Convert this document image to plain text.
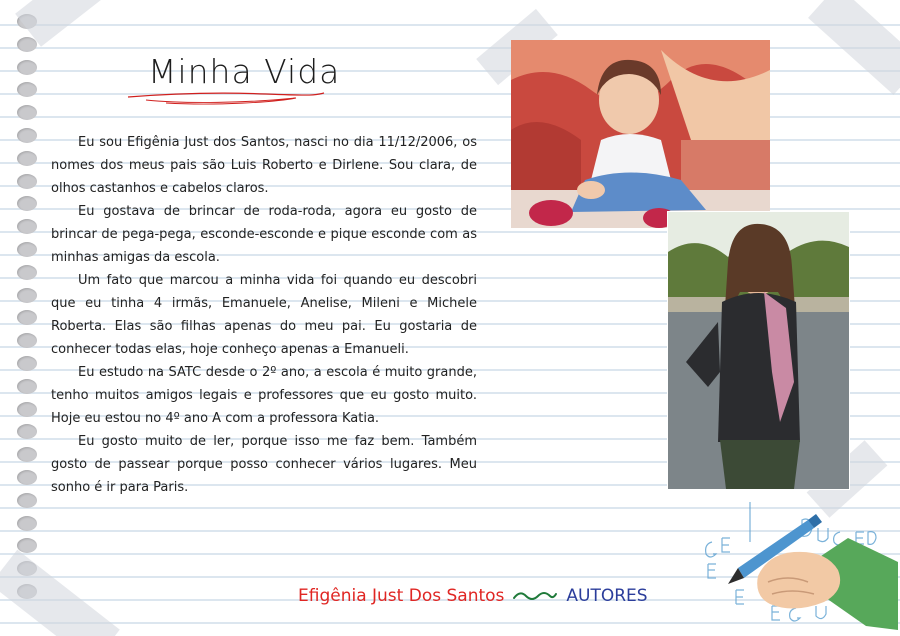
Minha Vida

Eu sou Efigênia Just dos Santos, nasci no dia 11/12/2006, os nomes dos meus pais são Luis Roberto e Dirlene. Sou clara, de olhos castanhos e cabelos claros.

Eu gostava de brincar de roda-roda, agora eu gosto de brincar de pega-pega, esconde-esconde e pique esconde com as minhas amigas da escola.

Um fato que marcou a minha vida foi quando eu descobri que eu tinha 4 irmãs, Emanuele, Anelise, Mileni e Michele Roberta. Elas são filhas apenas do meu pai. Eu gostaria de conhecer todas elas, hoje conheço apenas a Emanueli.

Eu estudo na SATC desde o 2º ano, a escola é muito grande, tenho muitos amigos legais e professores que eu gosto muito. Hoje eu estou no 4º ano A com a professora Katia.

Eu gosto muito de ler, porque isso me faz bem. Também gosto de passear porque posso conhecer vários lugares. Meu sonho é ir para Paris.

Efigênia Just Dos Santos	AUTORES
